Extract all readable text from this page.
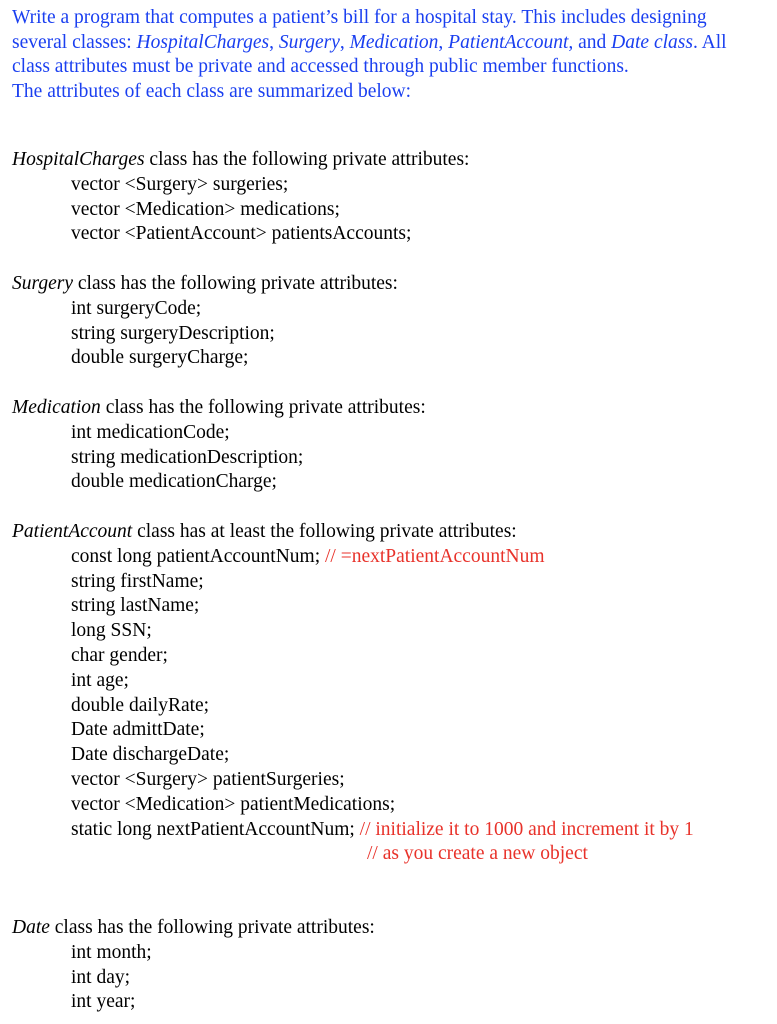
Write a program that computes a patient’s bill for a hospital stay. This includes designing
several classes: HospitalCharges, Surgery, Medication, PatientAccount, and Date class. All
class attributes must be private and accessed through public member functions.
The attributes of each class are summarized below:

HospitalCharges class has the following private attributes:
vector <Surgery> surgeries;
vector <Medication> medications;
vector <PatientAccount> patientsAccounts;
Surgery class has the following private attributes:
int surgeryCode;
string surgeryDescription;
double surgeryCharge;
Medication class has the following private attributes:
int medicationCode;
string medicationDescription;
double medicationCharge;
PatientAccount class has at least the following private attributes:
const long patientAccountNum; // =nextPatientAccountNum
string firstName;
string lastName;
long SSN;
char gender;
int age;
double dailyRate;
Date admittDate;
Date dischargeDate;
vector <Surgery> patientSurgeries;
vector <Medication> patientMedications;
static long nextPatientAccountNum; // initialize it to 1000 and increment it by 1
// as you create a new object
Date class has the following private attributes:
int month;
int day;
int year;
